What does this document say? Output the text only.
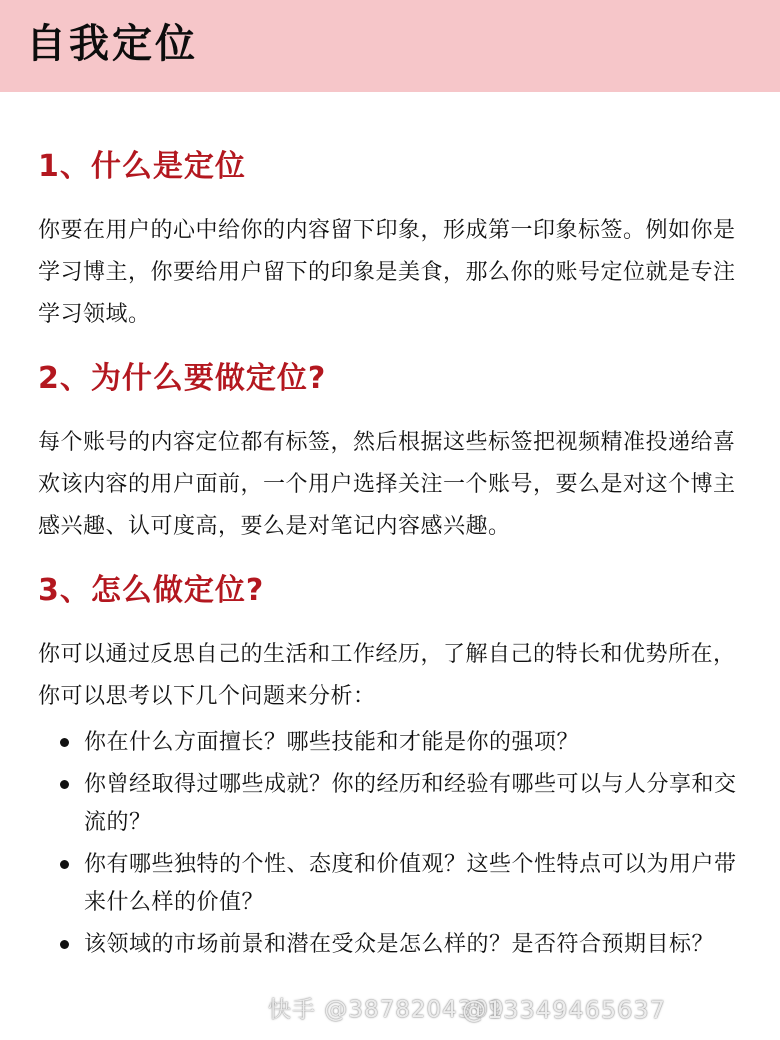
自我定位
1、什么是定位

你要在用户的心中给你的内容留下印象，形成第一印象标签。例如你是学习博主，你要给用户留下的印象是美食，那么你的账号定位就是专注学习领域。

2、为什么要做定位?

每个账号的内容定位都有标签，然后根据这些标签把视频精准投递给喜欢该内容的用户面前，一个用户选择关注一个账号，要么是对这个博主感兴趣、认可度高，要么是对笔记内容感兴趣。

3、怎么做定位?

你可以通过反思自己的生活和工作经历，了解自己的特长和优势所在，你可以思考以下几个问题来分析：

你在什么方面擅长？哪些技能和才能是你的强项？
你曾经取得过哪些成就？你的经历和经验有哪些可以与人分享和交流的？
你有哪些独特的个性、态度和价值观？这些个性特点可以为用户带来什么样的价值？
该领域的市场前景和潜在受众是怎么样的？是否符合预期目标？
快手 @3878204399
@13349465637
